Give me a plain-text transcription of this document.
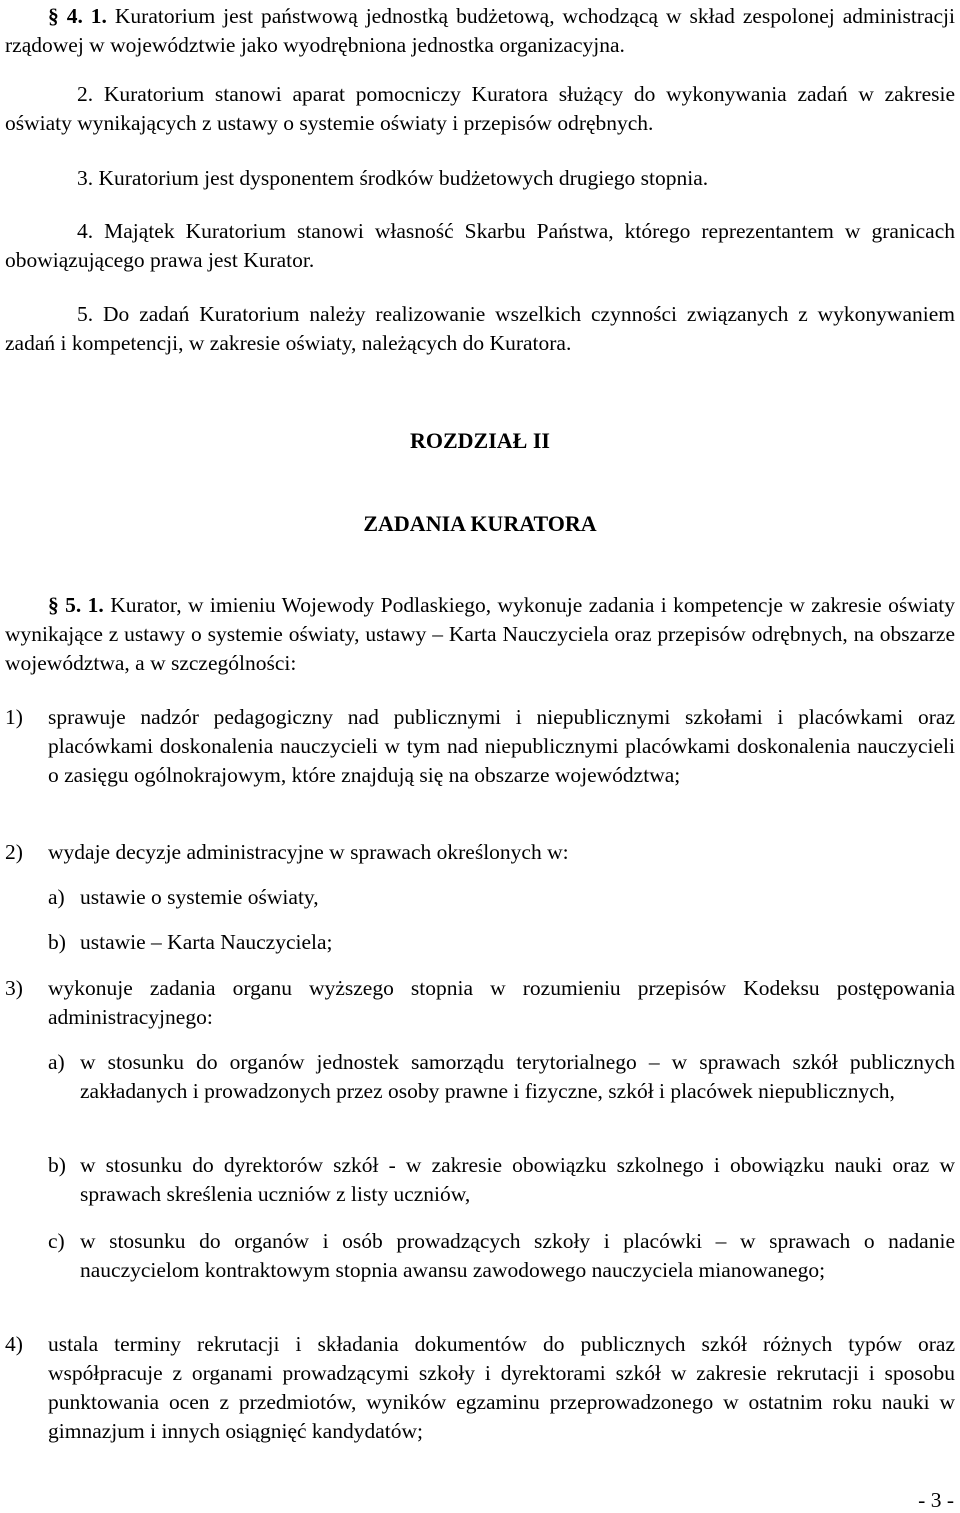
§ 4. 1. Kuratorium jest państwową jednostką budżetową, wchodzącą w skład zespolonej administracji rządowej w województwie jako wyodrębniona jednostka organizacyjna.
2. Kuratorium stanowi aparat pomocniczy Kuratora służący do wykonywania zadań w zakresie oświaty wynikających z ustawy o systemie oświaty i przepisów odrębnych.
3. Kuratorium jest dysponentem środków budżetowych drugiego stopnia.
4. Majątek Kuratorium stanowi własność Skarbu Państwa, którego reprezentantem w granicach obowiązującego prawa jest Kurator.
5. Do zadań Kuratorium należy realizowanie wszelkich czynności związanych z wykonywaniem zadań i kompetencji, w zakresie oświaty, należących do Kuratora.
ROZDZIAŁ II
ZADANIA KURATORA
§ 5. 1. Kurator, w imieniu Wojewody Podlaskiego, wykonuje zadania i kompetencje w zakresie oświaty wynikające z ustawy o systemie oświaty, ustawy – Karta Nauczyciela oraz przepisów odrębnych, na obszarze województwa, a w szczególności:
1) sprawuje nadzór pedagogiczny nad publicznymi i niepublicznymi szkołami i placówkami oraz placówkami doskonalenia nauczycieli w tym nad niepublicznymi placówkami doskonalenia nauczycieli o zasięgu ogólnokrajowym, które znajdują się na obszarze województwa;
2) wydaje decyzje administracyjne w sprawach określonych w:
a) ustawie o systemie oświaty,
b) ustawie – Karta Nauczyciela;
3) wykonuje zadania organu wyższego stopnia w rozumieniu przepisów Kodeksu postępowania administracyjnego:
a) w stosunku do organów jednostek samorządu terytorialnego – w sprawach szkół publicznych zakładanych i prowadzonych przez osoby prawne i fizyczne, szkół i placówek niepublicznych,
b) w stosunku do dyrektorów szkół - w zakresie obowiązku szkolnego i obowiązku nauki oraz w sprawach skreślenia uczniów z listy uczniów,
c) w stosunku do organów i osób prowadzących szkoły i placówki – w sprawach o nadanie nauczycielom kontraktowym stopnia awansu zawodowego nauczyciela mianowanego;
4) ustala terminy rekrutacji i składania dokumentów do publicznych szkół różnych typów oraz współpracuje z organami prowadzącymi szkoły i dyrektorami szkół w zakresie rekrutacji i sposobu punktowania ocen z przedmiotów, wyników egzaminu przeprowadzonego w ostatnim roku nauki w gimnazjum i innych osiągnięć kandydatów;
- 3 -
